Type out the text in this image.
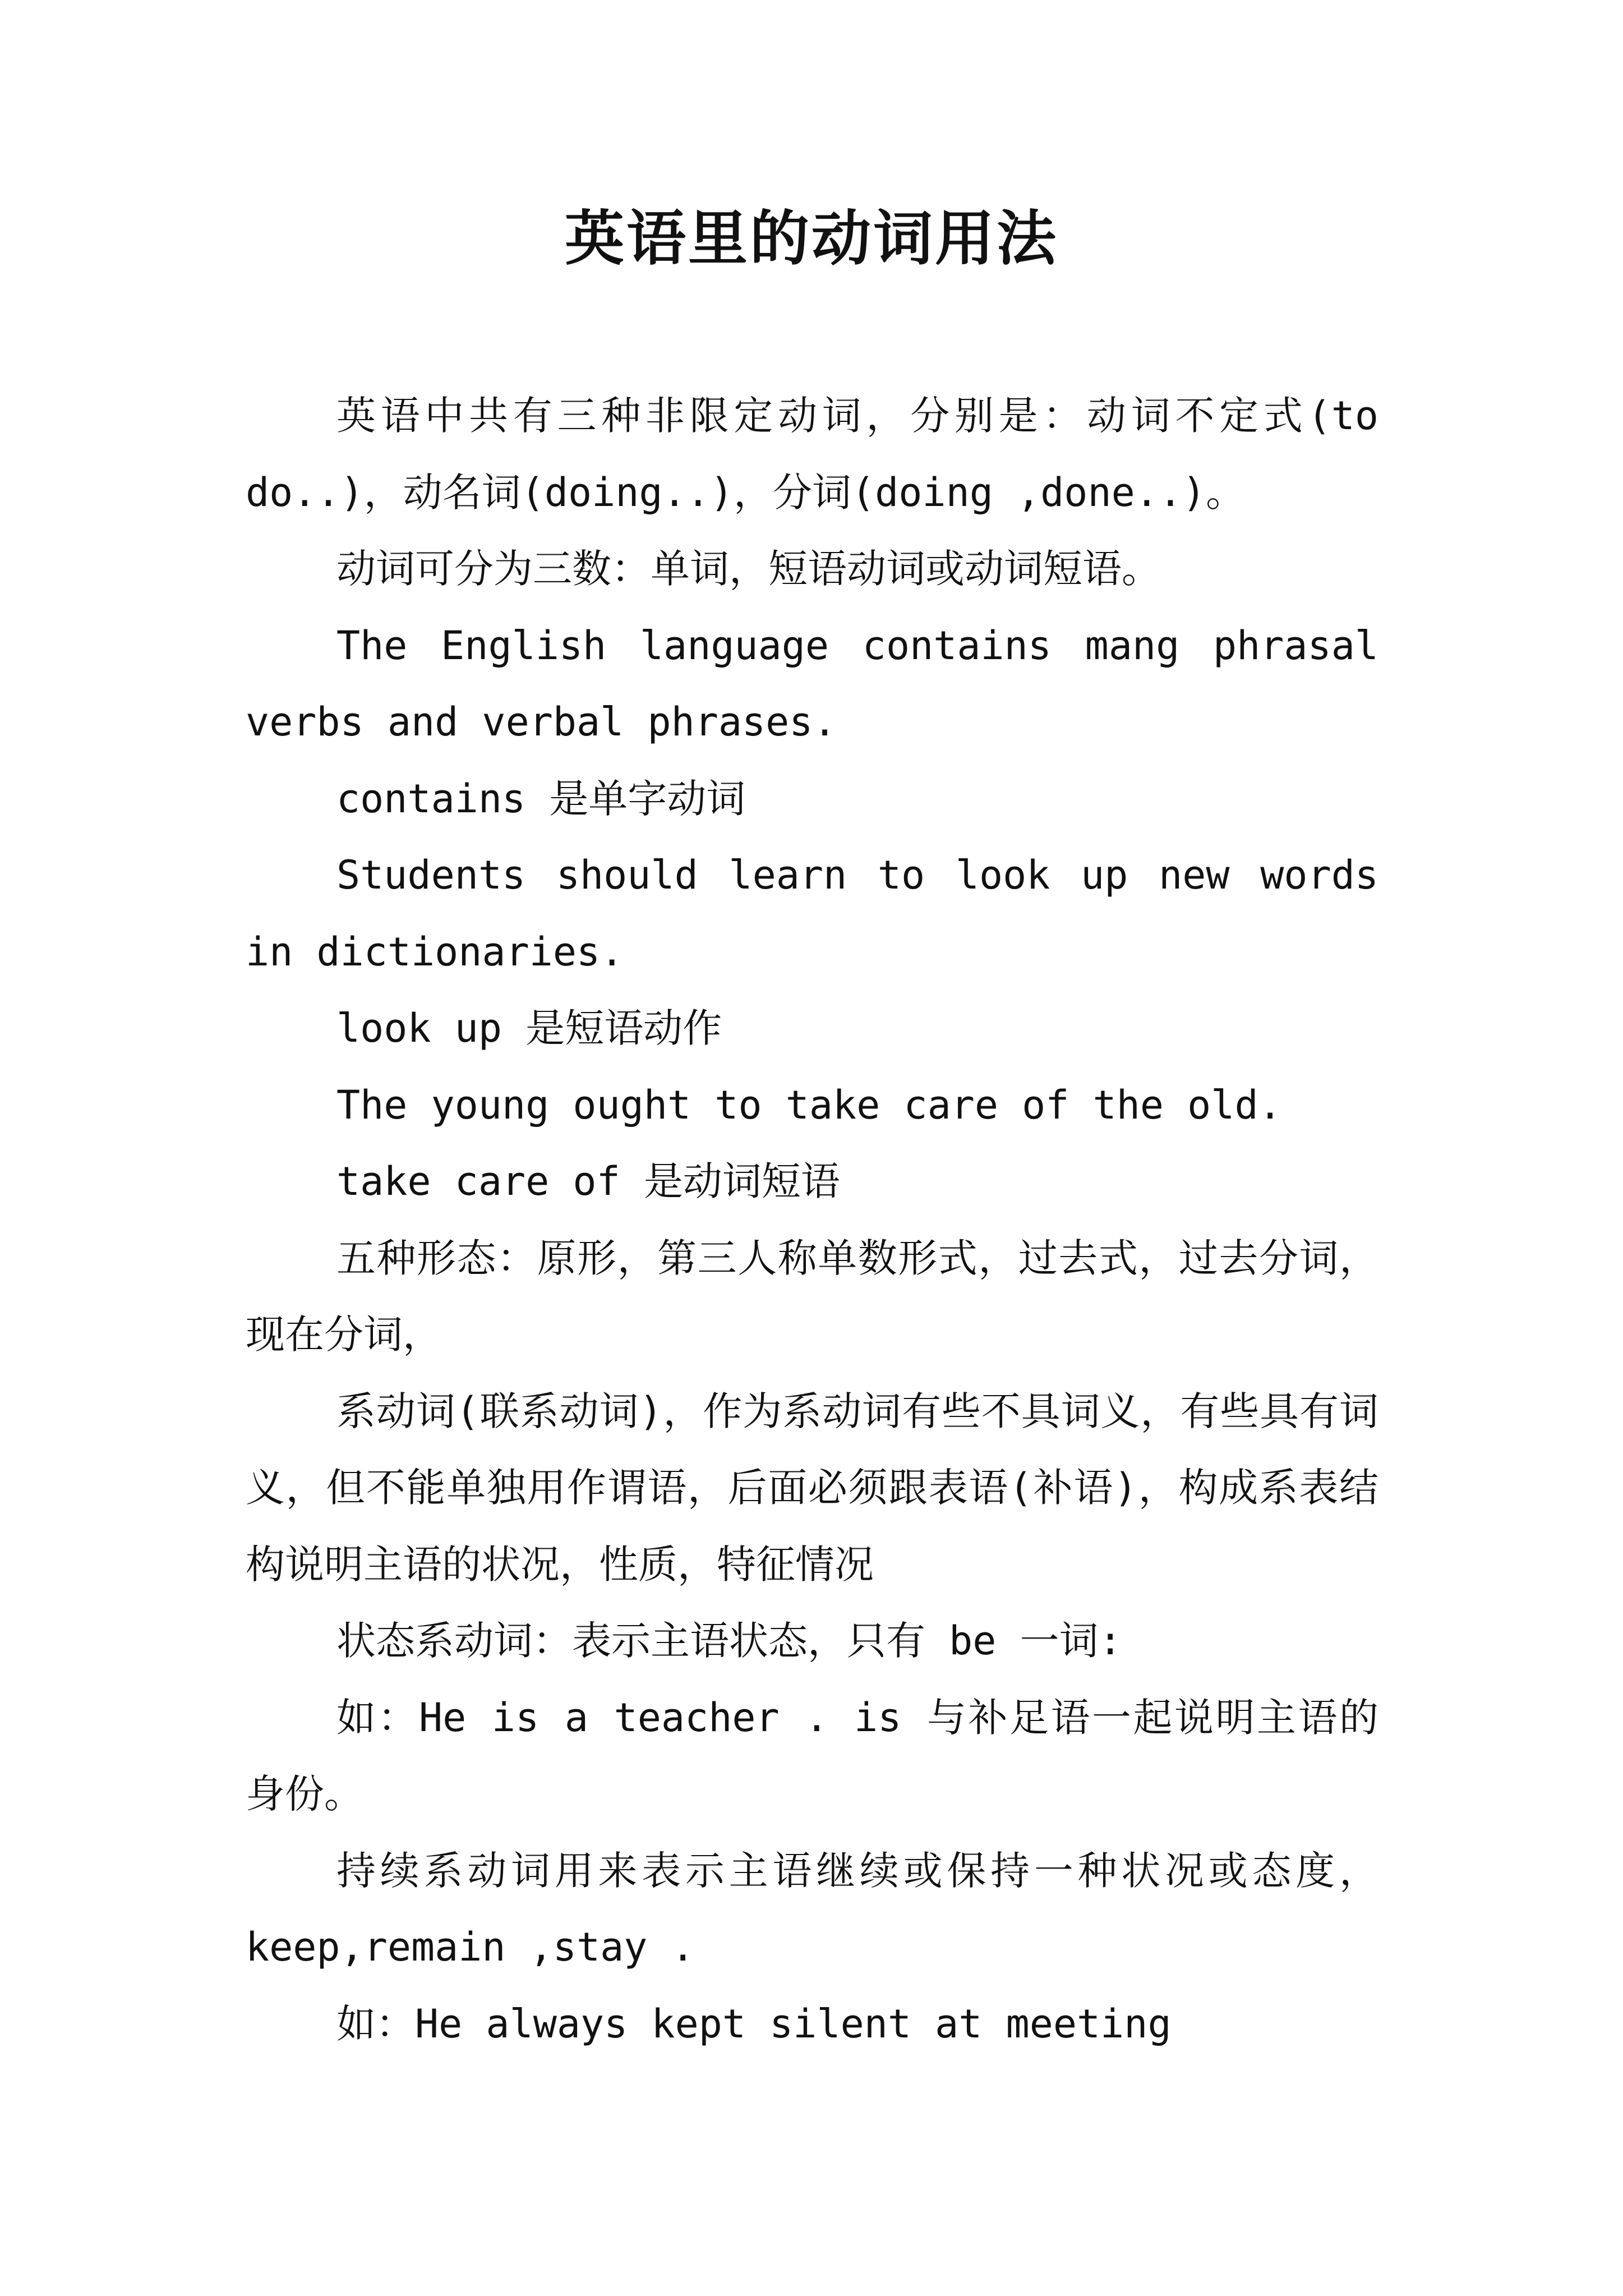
英语里的动词用法

英语中共有三种非限定动词，分别是：动词不定式(to do..)，动名词(doing..)，分词(doing ,done..)。

动词可分为三数：单词，短语动词或动词短语。

The English language contains mang phrasal verbs and verbal phrases.

contains 是单字动词

Students should learn to look up new words in dictionaries.

look up 是短语动作

The young ought to take care of the old.

take care of 是动词短语

五种形态：原形，第三人称单数形式，过去式，过去分词，现在分词，

系动词(联系动词)，作为系动词有些不具词义，有些具有词义，但不能单独用作谓语，后面必须跟表语(补语)，构成系表结构说明主语的状况，性质，特征情况

状态系动词：表示主语状态，只有 be 一词:

如：He is a teacher . is 与补足语一起说明主语的身份。

持续系动词用来表示主语继续或保持一种状况或态度，keep,remain ,stay .

如：He always kept silent at meeting
